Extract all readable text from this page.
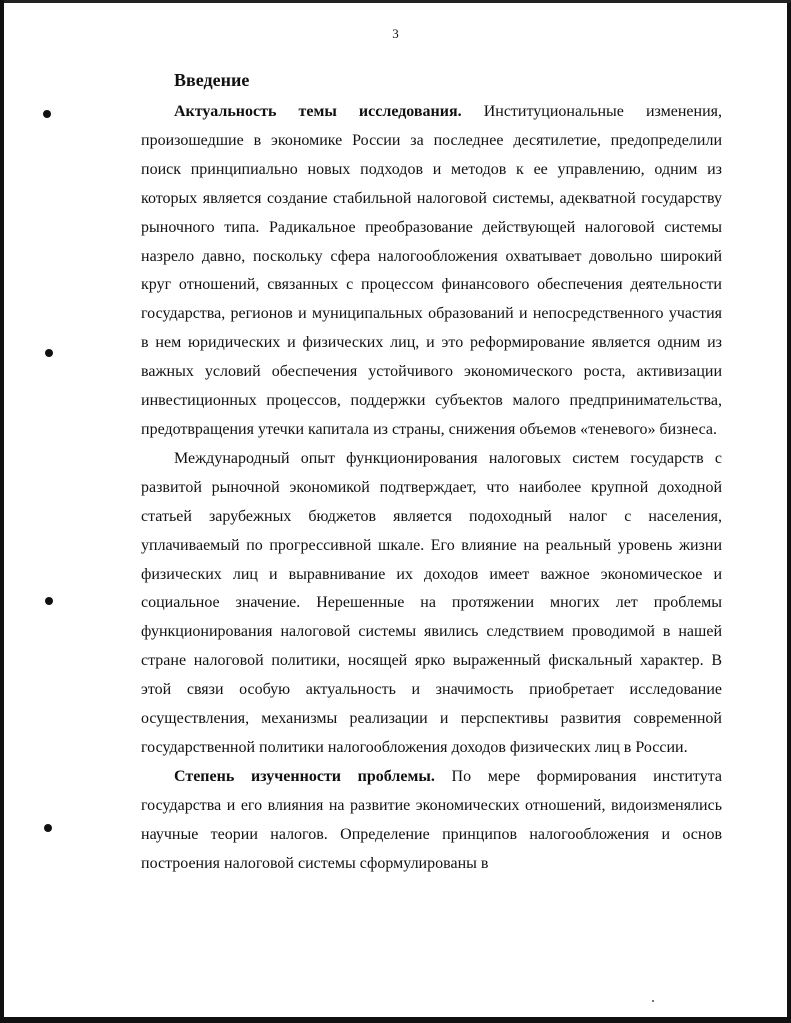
3
Введение

Актуальность темы исследования. Институциональные изменения, произошедшие в экономике России за последнее десятилетие, предопределили поиск принципиально новых подходов и методов к ее управлению, одним из которых является создание стабильной налоговой системы, адекватной государству рыночного типа. Радикальное преобразование действующей налоговой системы назрело давно, поскольку сфера налогообложения охватывает довольно широкий круг отношений, связанных с процессом финансового обеспечения деятельности государства, регионов и муниципальных образований и непосредственного участия в нем юридических и физических лиц, и это реформирование является одним из важных условий обеспечения устойчивого экономического роста, активизации инвестиционных процессов, поддержки субъектов малого предпринимательства, предотвращения утечки капитала из страны, снижения объемов «теневого» бизнеса.

Международный опыт функционирования налоговых систем государств с развитой рыночной экономикой подтверждает, что наиболее крупной доходной статьей зарубежных бюджетов является подоходный налог с населения, уплачиваемый по прогрессивной шкале. Его влияние на реальный уровень жизни физических лиц и выравнивание их доходов имеет важное экономическое и социальное значение. Нерешенные на протяжении многих лет проблемы функционирования налоговой системы явились следствием проводимой в нашей стране налоговой политики, носящей ярко выраженный фискальный характер. В этой связи особую актуальность и значимость приобретает исследование осуществления, механизмы реализации и перспективы развития современной государственной политики налогообложения доходов физических лиц в России.

Степень изученности проблемы. По мере формирования института государства и его влияния на развитие экономических отношений, видоизменялись научные теории налогов. Определение принципов налогообложения и основ построения налоговой системы сформулированы в
